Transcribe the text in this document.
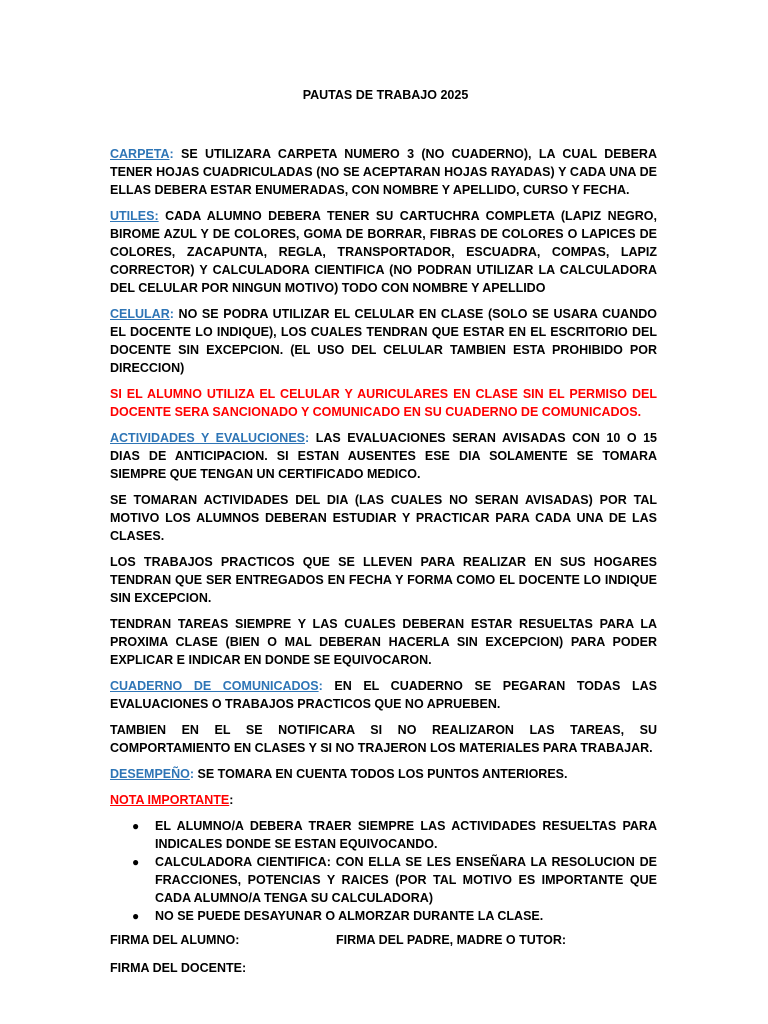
PAUTAS DE TRABAJO 2025

CARPETA: SE UTILIZARA CARPETA NUMERO 3 (NO CUADERNO), LA CUAL DEBERA TENER HOJAS CUADRICULADAS (NO SE ACEPTARAN HOJAS RAYADAS) Y CADA UNA DE ELLAS DEBERA ESTAR ENUMERADAS, CON NOMBRE Y APELLIDO, CURSO Y FECHA.

UTILES: CADA ALUMNO DEBERA TENER SU CARTUCHRA COMPLETA (LAPIZ NEGRO, BIROME AZUL Y DE COLORES, GOMA DE BORRAR, FIBRAS DE COLORES O LAPICES DE COLORES, ZACAPUNTA, REGLA, TRANSPORTADOR, ESCUADRA, COMPAS, LAPIZ CORRECTOR) Y CALCULADORA CIENTIFICA (NO PODRAN UTILIZAR LA CALCULADORA DEL CELULAR POR NINGUN MOTIVO) TODO CON NOMBRE Y APELLIDO

CELULAR: NO SE PODRA UTILIZAR EL CELULAR EN CLASE (SOLO SE USARA CUANDO EL DOCENTE LO INDIQUE), LOS CUALES TENDRAN QUE ESTAR EN EL ESCRITORIO DEL DOCENTE SIN EXCEPCION. (EL USO DEL CELULAR TAMBIEN ESTA PROHIBIDO POR DIRECCION)

SI EL ALUMNO UTILIZA EL CELULAR Y AURICULARES EN CLASE SIN EL PERMISO DEL DOCENTE SERA SANCIONADO Y COMUNICADO EN SU CUADERNO DE COMUNICADOS.

ACTIVIDADES Y EVALUCIONES: LAS EVALUACIONES SERAN AVISADAS CON 10 O 15 DIAS DE ANTICIPACION. SI ESTAN AUSENTES ESE DIA SOLAMENTE SE TOMARA SIEMPRE QUE TENGAN UN CERTIFICADO MEDICO.

SE TOMARAN ACTIVIDADES DEL DIA (LAS CUALES NO SERAN AVISADAS) POR TAL MOTIVO LOS ALUMNOS DEBERAN ESTUDIAR Y PRACTICAR PARA CADA UNA DE LAS CLASES.

LOS TRABAJOS PRACTICOS QUE SE LLEVEN PARA REALIZAR EN SUS HOGARES TENDRAN QUE SER ENTREGADOS EN FECHA Y FORMA COMO EL DOCENTE LO INDIQUE SIN EXCEPCION.

TENDRAN TAREAS SIEMPRE Y LAS CUALES DEBERAN ESTAR RESUELTAS PARA LA PROXIMA CLASE (BIEN O MAL DEBERAN HACERLA SIN EXCEPCION) PARA PODER EXPLICAR E INDICAR EN DONDE SE EQUIVOCARON.

CUADERNO DE COMUNICADOS: EN EL CUADERNO SE PEGARAN TODAS LAS EVALUACIONES O TRABAJOS PRACTICOS QUE NO APRUEBEN.

TAMBIEN EN EL SE NOTIFICARA SI NO REALIZARON LAS TAREAS, SU COMPORTAMIENTO EN CLASES Y SI NO TRAJERON LOS MATERIALES PARA TRABAJAR.

DESEMPEÑO: SE TOMARA EN CUENTA TODOS LOS PUNTOS ANTERIORES.

NOTA IMPORTANTE:

● EL ALUMNO/A DEBERA TRAER SIEMPRE LAS ACTIVIDADES RESUELTAS PARA INDICALES DONDE SE ESTAN EQUIVOCANDO.
● CALCULADORA CIENTIFICA: CON ELLA SE LES ENSEÑARA LA RESOLUCION DE FRACCIONES, POTENCIAS Y RAICES (POR TAL MOTIVO ES IMPORTANTE QUE CADA ALUMNO/A TENGA SU CALCULADORA)
● NO SE PUEDE DESAYUNAR O ALMORZAR DURANTE LA CLASE.
FIRMA DEL ALUMNO:	FIRMA DEL PADRE, MADRE O TUTOR:
FIRMA DEL DOCENTE:
